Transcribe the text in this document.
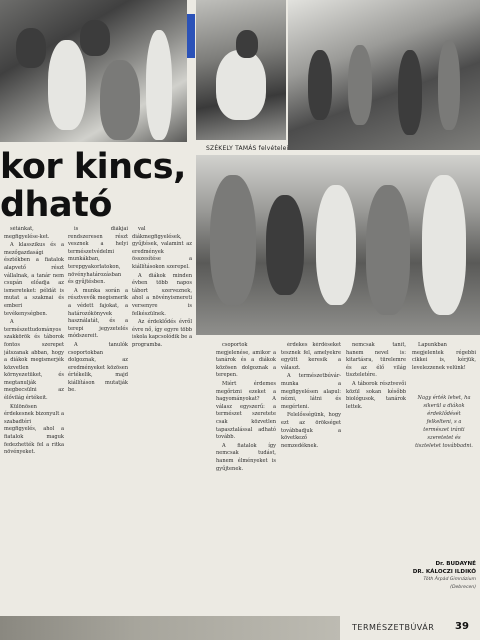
SZÉKELY TAMÁS felvételei
kor kincs,
dható

sétánkat, megfigyelése-ket.

A klasszikus és a mezőgazdasági észtékben a fiatalok alapvető részt vállalnak, a tanár nem csupán előadja az ismereteket: példát is mutat a szakmai és emberi tevékenységben.

A természettudományos szakkörök és táborok fontos szerepet játszanak abban, hogy a diákok megismerjék közvetlen környezetüket, és megtanulják megbecsülni az élővilág értékeit.

Különösen érdekesnek bizonyult a szabadtéri megfigyelés, ahol a fiatalok maguk fedezhették fel a ritka növényeket.

is diákjai rendszeresen részt vesznek a helyi természetvédelmi munkákban, terepgyakorlatokon, növényhatározásban és gyűjtésben.

A munka során a résztvevők megismerik a védett fajokat, a határozókönyvek használatát, és a terepi jegyzetelés módszereit.

A tanulók csoportokban dolgoznak, az eredményeket közösen értékelik, majd kiállításon mutatják be.

val diákmegfigyelések, gyűjtések, valamint az eredmények összesítése a kiállításokon szerepel.

A diákok minden évben több napos tábort szerveznek, ahol a növényismereti versenyre is felkészülnek.

Az érdeklődés évről évre nő, így egyre több iskola kapcsolódik be a programba.	csoportok megjelenése, amikor a tanárok és a diákok közösen dolgoznak a terepen.

Miért érdemes megőrizni ezeket a hagyományokat? A válasz egyszerű: a természet szeretete csak közvetlen tapasztalással adható tovább.

A fiatalok így nemcsak tudást, hanem élményeket is gyűjtenek.

érdekes kérdéseket tesznek fel, amelyekre együtt keresik a választ.

A természetbúvár-munka a megfigyelésen alapul: nézni, látni és megérteni.

Felelősségünk, hogy ezt az örökséget továbbadjuk a következő nemzedéknek.

nemcsak tanít, hanem nevel is: kitartásra, türelemre és az élő világ tiszteletére.

A táborok résztvevői közül sokan később biológusok, tanárok lettek.

Lapunkban megjelentek régebbi cikkei is, kérjük, levelezzenek velünk!

Nagy érték lehet, ha sikerül a diákok érdeklődését felkelteni, s a természet iránti szeretetet és tiszteletet továbbadni.
Dr. BUDAYNÉ
DR. KÁLOCZI ILDIKÓ
Tóth Árpád Gimnázium (Debrecen)
TERMÉSZETBÚVÁR 39
